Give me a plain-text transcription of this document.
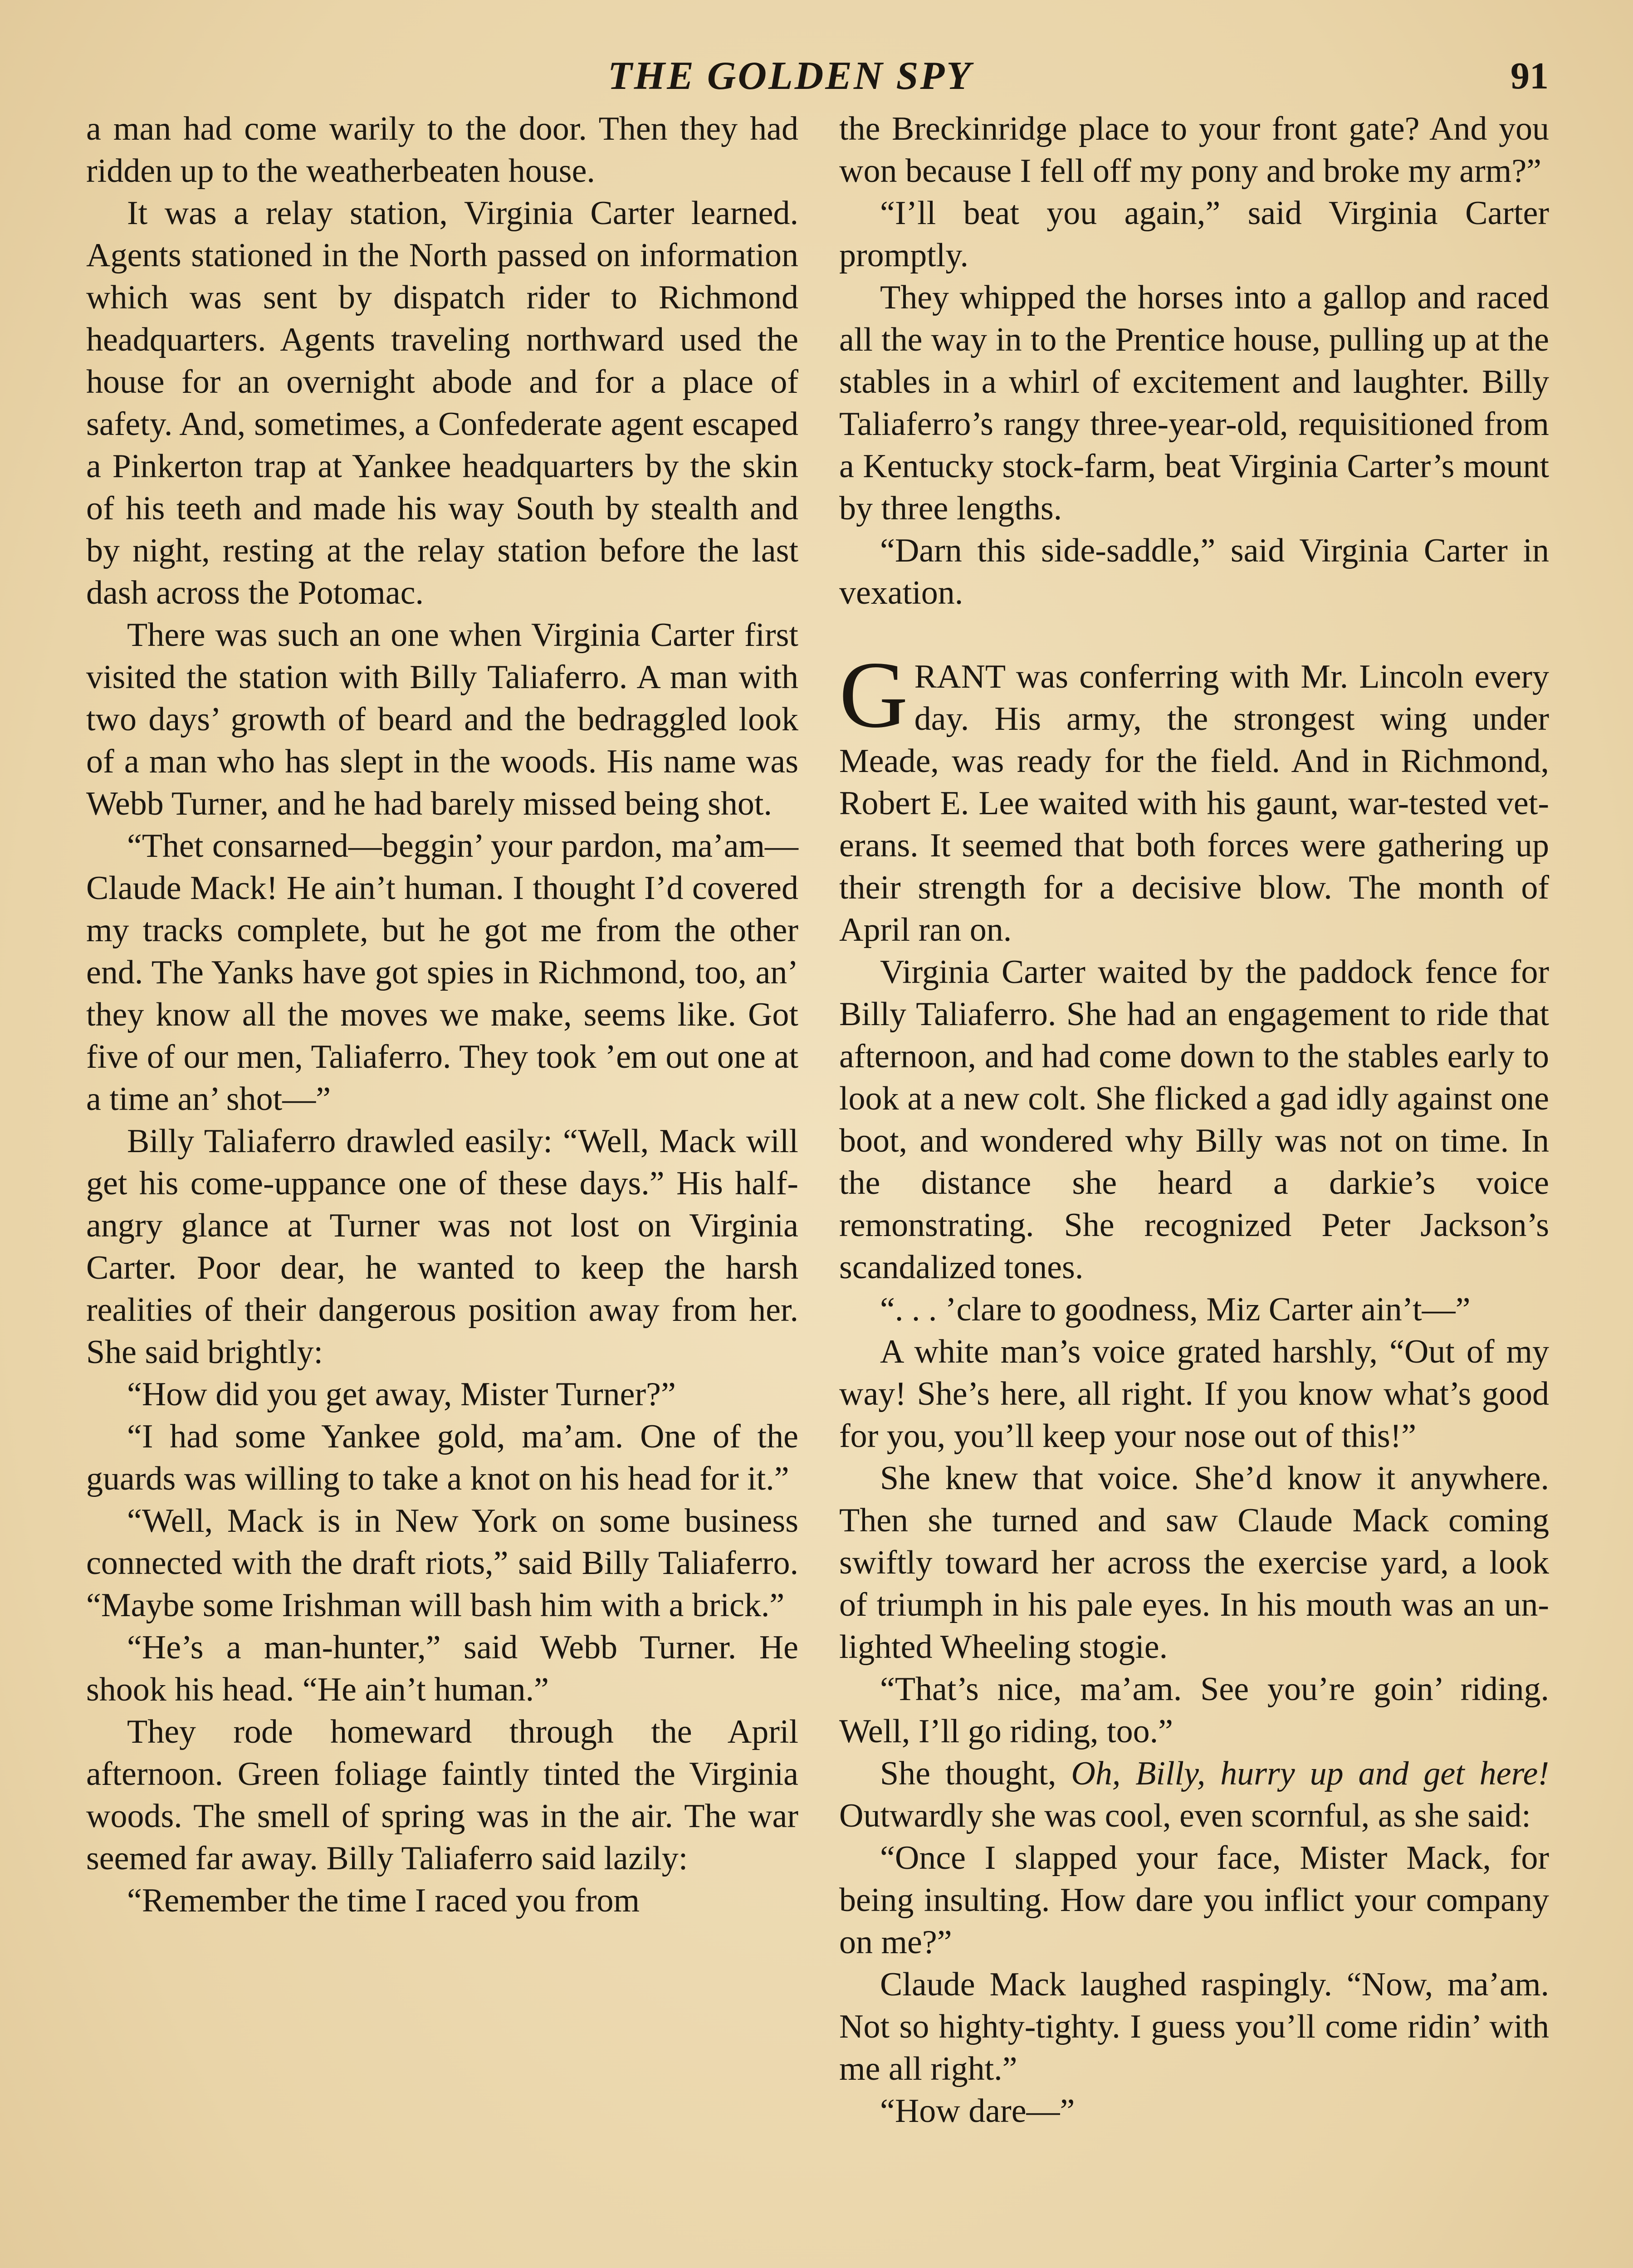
THE GOLDEN SPY	91

a man had come warily to the door. Then they had ridden up to the weatherbeaten house.

It was a relay station, Virginia Carter learned. Agents stationed in the North passed on information which was sent by dispatch rider to Richmond headquarters. Agents traveling northward used the house for an overnight abode and for a place of safety. And, sometimes, a Confederate agent escaped a Pinkerton trap at Yankee headquarters by the skin of his teeth and made his way South by stealth and by night, resting at the relay station before the last dash across the Potomac.

There was such an one when Virginia Carter first visited the station with Billy Taliaferro. A man with two days’ growth of beard and the bedraggled look of a man who has slept in the woods. His name was Webb Turner, and he had barely missed being shot.

“Thet consarned—beggin’ your pardon, ma’am—Claude Mack! He ain’t human. I thought I’d covered my tracks complete, but he got me from the other end. The Yanks have got spies in Richmond, too, an’ they know all the moves we make, seems like. Got five of our men, Taliaferro. They took ’em out one at a time an’ shot—”

Billy Taliaferro drawled easily: “Well, Mack will get his come-uppance one of these days.” His half-angry glance at Turner was not lost on Virginia Carter. Poor dear, he wanted to keep the harsh realities of their dangerous position away from her. She said brightly:

“How did you get away, Mister Turner?”

“I had some Yankee gold, ma’am. One of the guards was willing to take a knot on his head for it.”

“Well, Mack is in New York on some business connected with the draft riots,” said Billy Taliaferro. “Maybe some Irishman will bash him with a brick.”

“He’s a man-hunter,” said Webb Turner. He shook his head. “He ain’t human.”

They rode homeward through the April afternoon. Green foliage faintly tinted the Virginia woods. The smell of spring was in the air. The war seemed far away. Billy Taliaferro said lazily:

“Remember the time I raced you from

the Breckinridge place to your front gate? And you won because I fell off my pony and broke my arm?”

“I’ll beat you again,” said Virginia Carter promptly.

They whipped the horses into a gallop and raced all the way in to the Prentice house, pulling up at the stables in a whirl of excitement and laughter. Billy Taliaferro’s rangy three-year-old, requisitioned from a Kentucky stock-farm, beat Virginia Carter’s mount by three lengths.

“Darn this side-saddle,” said Virginia Carter in vexation.

G RANT was conferring with Mr. Lincoln every day. His army, the strongest wing under Meade, was ready for the field. And in Richmond, Robert E. Lee waited with his gaunt, war-tested veterans. It seemed that both forces were gathering up their strength for a decisive blow. The month of April ran on.

Virginia Carter waited by the paddock fence for Billy Taliaferro. She had an engagement to ride that afternoon, and had come down to the stables early to look at a new colt. She flicked a gad idly against one boot, and wondered why Billy was not on time. In the distance she heard a darkie’s voice remonstrating. She recognized Peter Jackson’s scandalized tones.

“. . . ’clare to goodness, Miz Carter ain’t—”

A white man’s voice grated harshly, “Out of my way! She’s here, all right. If you know what’s good for you, you’ll keep your nose out of this!”

She knew that voice. She’d know it anywhere. Then she turned and saw Claude Mack coming swiftly toward her across the exercise yard, a look of triumph in his pale eyes. In his mouth was an unlighted Wheeling stogie.

“That’s nice, ma’am. See you’re goin’ riding. Well, I’ll go riding, too.”

She thought, Oh, Billy, hurry up and get here! Outwardly she was cool, even scornful, as she said:

“Once I slapped your face, Mister Mack, for being insulting. How dare you inflict your company on me?”

Claude Mack laughed raspingly. “Now, ma’am. Not so highty-tighty. I guess you’ll come ridin’ with me all right.”

“How dare—”
